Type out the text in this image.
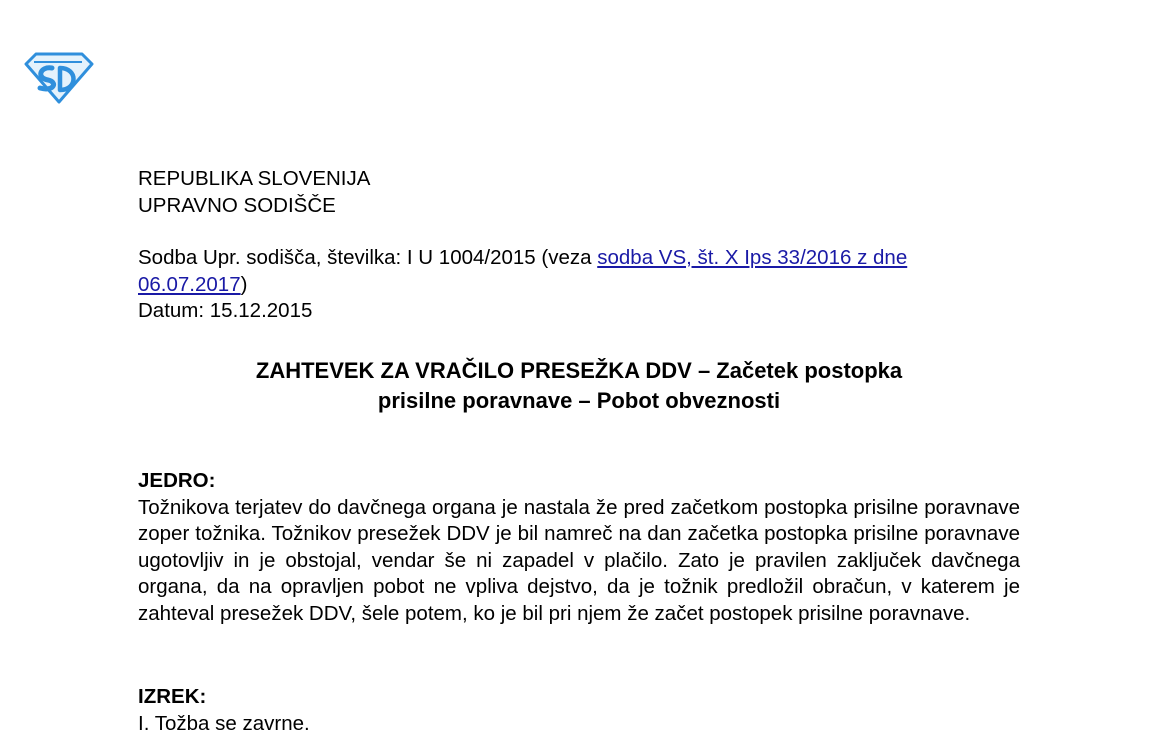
REPUBLIKA SLOVENIJA
UPRAVNO SODIŠČE
Sodba Upr. sodišča, številka: I U 1004/2015 (veza sodba VS, št. X Ips 33/2016 z dne 06.07.2017)
Datum: 15.12.2015
ZAHTEVEK ZA VRAČILO PRESEŽKA DDV – Začetek postopka
prisilne poravnave – Pobot obveznosti
JEDRO:
Tožnikova terjatev do davčnega organa je nastala že pred začetkom postopka prisilne poravnave zoper tožnika. Tožnikov presežek DDV je bil namreč na dan začetka postopka prisilne poravnave ugotovljiv in je obstojal, vendar še ni zapadel v plačilo. Zato je pravilen zaključek davčnega organa, da na opravljen pobot ne vpliva dejstvo, da je tožnik predložil obračun, v katerem je zahteval presežek DDV, šele potem, ko je bil pri njem že začet postopek prisilne poravnave.
IZREK:
I. Tožba se zavrne.
